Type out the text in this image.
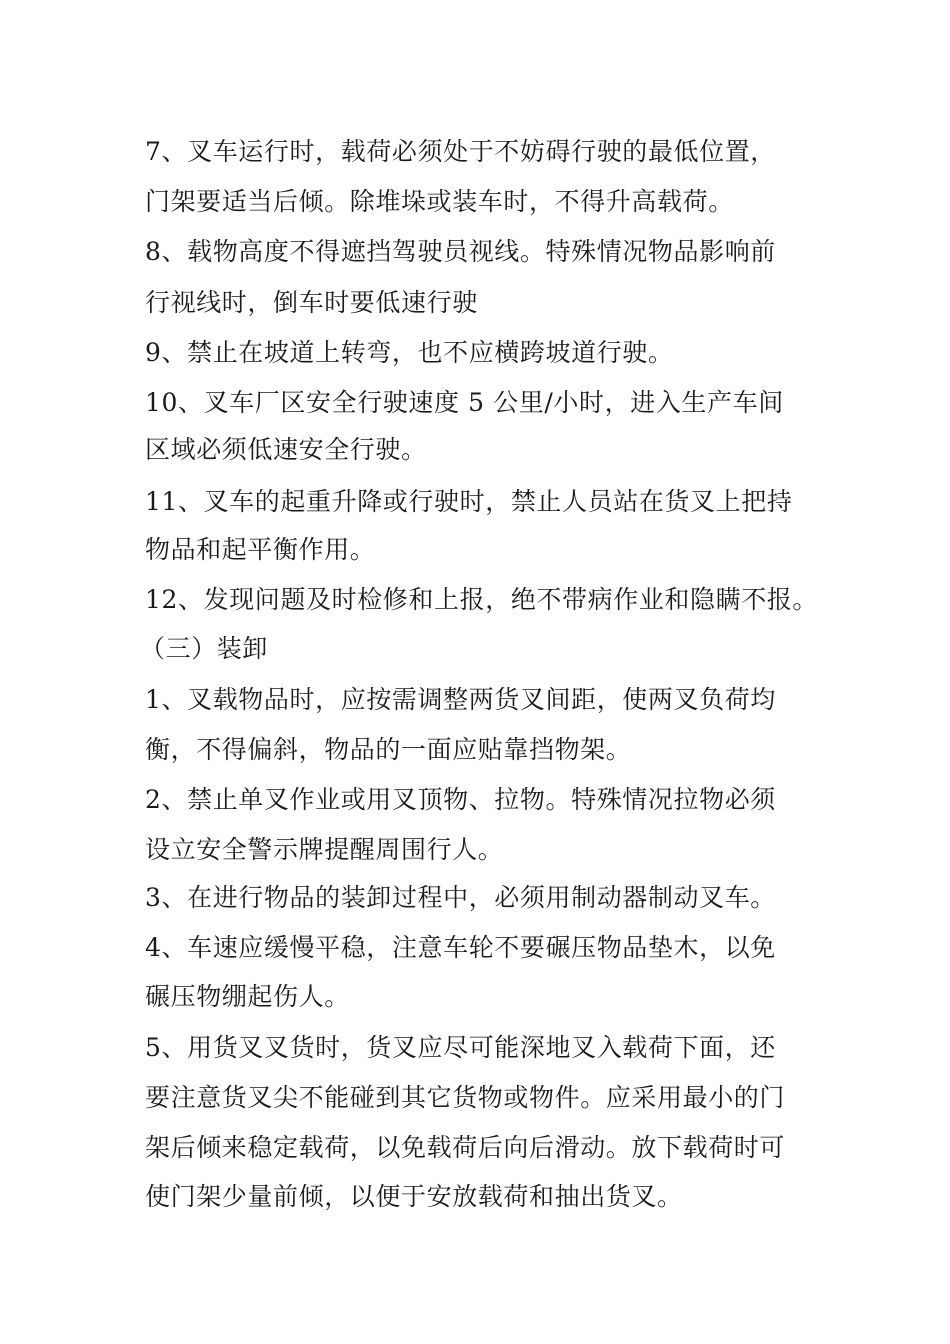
7、叉车运行时，载荷必须处于不妨碍行驶的最低位置，
门架要适当后倾。除堆垛或装车时，不得升高载荷。
8、载物高度不得遮挡驾驶员视线。特殊情况物品影响前
行视线时，倒车时要低速行驶
9、禁止在坡道上转弯，也不应横跨坡道行驶。
10、叉车厂区安全行驶速度 5 公里/小时，进入生产车间
区域必须低速安全行驶。
11、叉车的起重升降或行驶时，禁止人员站在货叉上把持
物品和起平衡作用。
12、发现问题及时检修和上报，绝不带病作业和隐瞒不报。
（三）装卸
1、叉载物品时，应按需调整两货叉间距，使两叉负荷均
衡，不得偏斜，物品的一面应贴靠挡物架。
2、禁止单叉作业或用叉顶物、拉物。特殊情况拉物必须
设立安全警示牌提醒周围行人。
3、在进行物品的装卸过程中，必须用制动器制动叉车。
4、车速应缓慢平稳，注意车轮不要碾压物品垫木，以免
碾压物绷起伤人。
5、用货叉叉货时，货叉应尽可能深地叉入载荷下面，还
要注意货叉尖不能碰到其它货物或物件。应采用最小的门
架后倾来稳定载荷，以免载荷后向后滑动。放下载荷时可
使门架少量前倾，以便于安放载荷和抽出货叉。
